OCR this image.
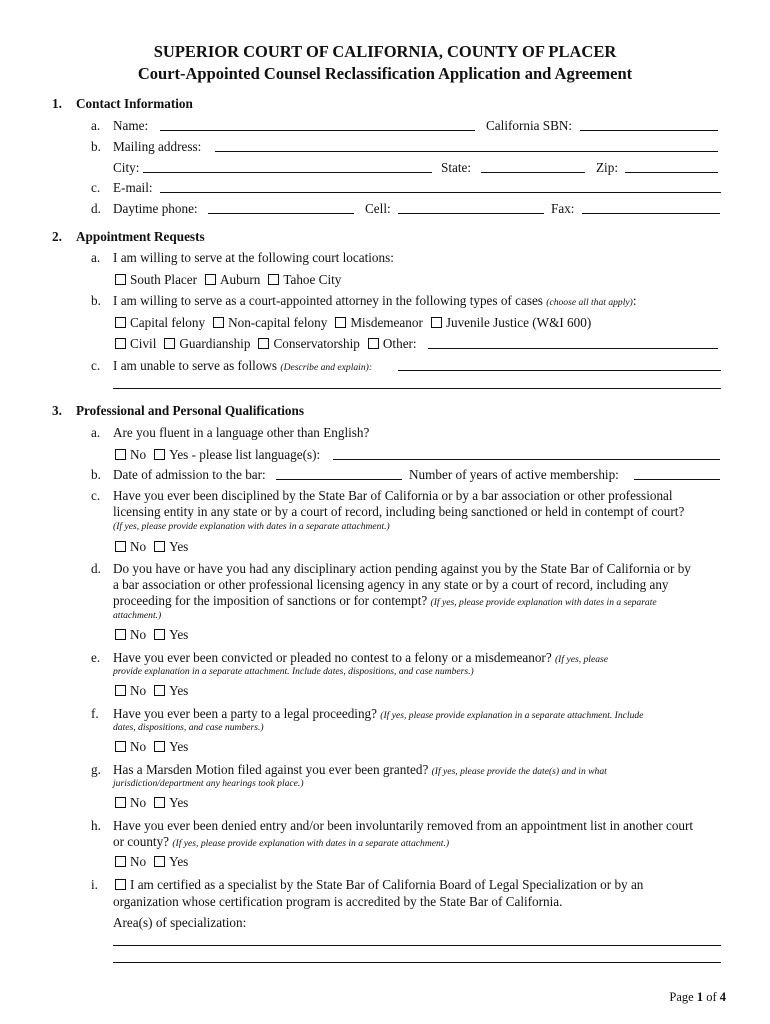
SUPERIOR COURT OF CALIFORNIA, COUNTY OF PLACER
Court-Appointed Counsel Reclassification Application and Agreement
1. Contact Information
a. Name:	California SBN:
b. Mailing address:
City:	State:	Zip:
c. E-mail:
d. Daytime phone:	Cell:	Fax:
2. Appointment Requests
a. I am willing to serve at the following court locations:
South Placer Auburn Tahoe City
b. I am willing to serve as a court-appointed attorney in the following types of cases (choose all that apply):
Capital felony Non-capital felony Misdemeanor Juvenile Justice (W&I 600)
Civil Guardianship Conservatorship Other:
c. I am unable to serve as follows (Describe and explain):
3. Professional and Personal Qualifications
a. Are you fluent in a language other than English?
No Yes - please list language(s):
b. Date of admission to the bar:	Number of years of active membership:
c. Have you ever been disciplined by the State Bar of California or by a bar association or other professional
licensing entity in any state or by a court of record, including being sanctioned or held in contempt of court?
(If yes, please provide explanation with dates in a separate attachment.)
No Yes
d. Do you have or have you had any disciplinary action pending against you by the State Bar of California or by
a bar association or other professional licensing agency in any state or by a court of record, including any
proceeding for the imposition of sanctions or for contempt? (If yes, please provide explanation with dates in a separate
attachment.)
No Yes
e. Have you ever been convicted or pleaded no contest to a felony or a misdemeanor? (If yes, please
provide explanation in a separate attachment. Include dates, dispositions, and case numbers.)
No Yes
f. Have you ever been a party to a legal proceeding? (If yes, please provide explanation in a separate attachment. Include
dates, dispositions, and case numbers.)
No Yes
g. Has a Marsden Motion filed against you ever been granted? (If yes, please provide the date(s) and in what
jurisdiction/department any hearings took place.)
No Yes
h. Have you ever been denied entry and/or been involuntarily removed from an appointment list in another court
or county? (If yes, please provide explanation with dates in a separate attachment.)
No Yes
i.	I am certified as a specialist by the State Bar of California Board of Legal Specialization or by an
organization whose certification program is accredited by the State Bar of California.
Area(s) of specialization:
Page 1 of 4
